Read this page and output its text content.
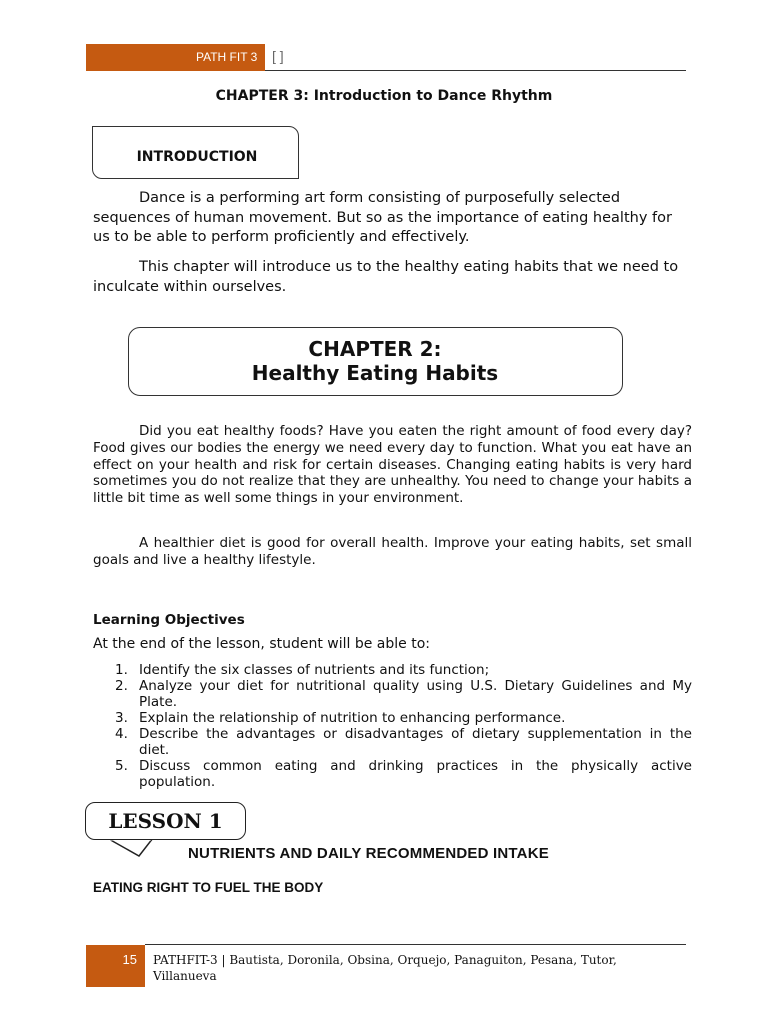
PATH FIT 3 [ ]
CHAPTER 3: Introduction to Dance Rhythm
INTRODUCTION

Dance is a performing art form consisting of purposefully selected sequences of human movement. But so as the importance of eating healthy for us to be able to perform proficiently and effectively.

This chapter will introduce us to the healthy eating habits that we need to inculcate within ourselves.

CHAPTER 2:
Healthy Eating Habits

Did you eat healthy foods? Have you eaten the right amount of food every day? Food gives our bodies the energy we need every day to function. What you eat have an effect on your health and risk for certain diseases. Changing eating habits is very hard sometimes you do not realize that they are unhealthy. You need to change your habits a little bit time as well some things in your environment.

A healthier diet is good for overall health. Improve your eating habits, set small goals and live a healthy lifestyle.

Learning Objectives
At the end of the lesson, student will be able to:
1. Identify the six classes of nutrients and its function;
2. Analyze your diet for nutritional quality using U.S. Dietary Guidelines and My Plate.
3. Explain the relationship of nutrition to enhancing performance.
4. Describe the advantages or disadvantages of dietary supplementation in the diet.
5. Discuss common eating and drinking practices in the physically active population.
LESSON 1
NUTRIENTS AND DAILY RECOMMENDED INTAKE
EATING RIGHT TO FUEL THE BODY
15 PATHFIT-3 | Bautista, Doronila, Obsina, Orquejo, Panaguiton, Pesana, Tutor, Villanueva
